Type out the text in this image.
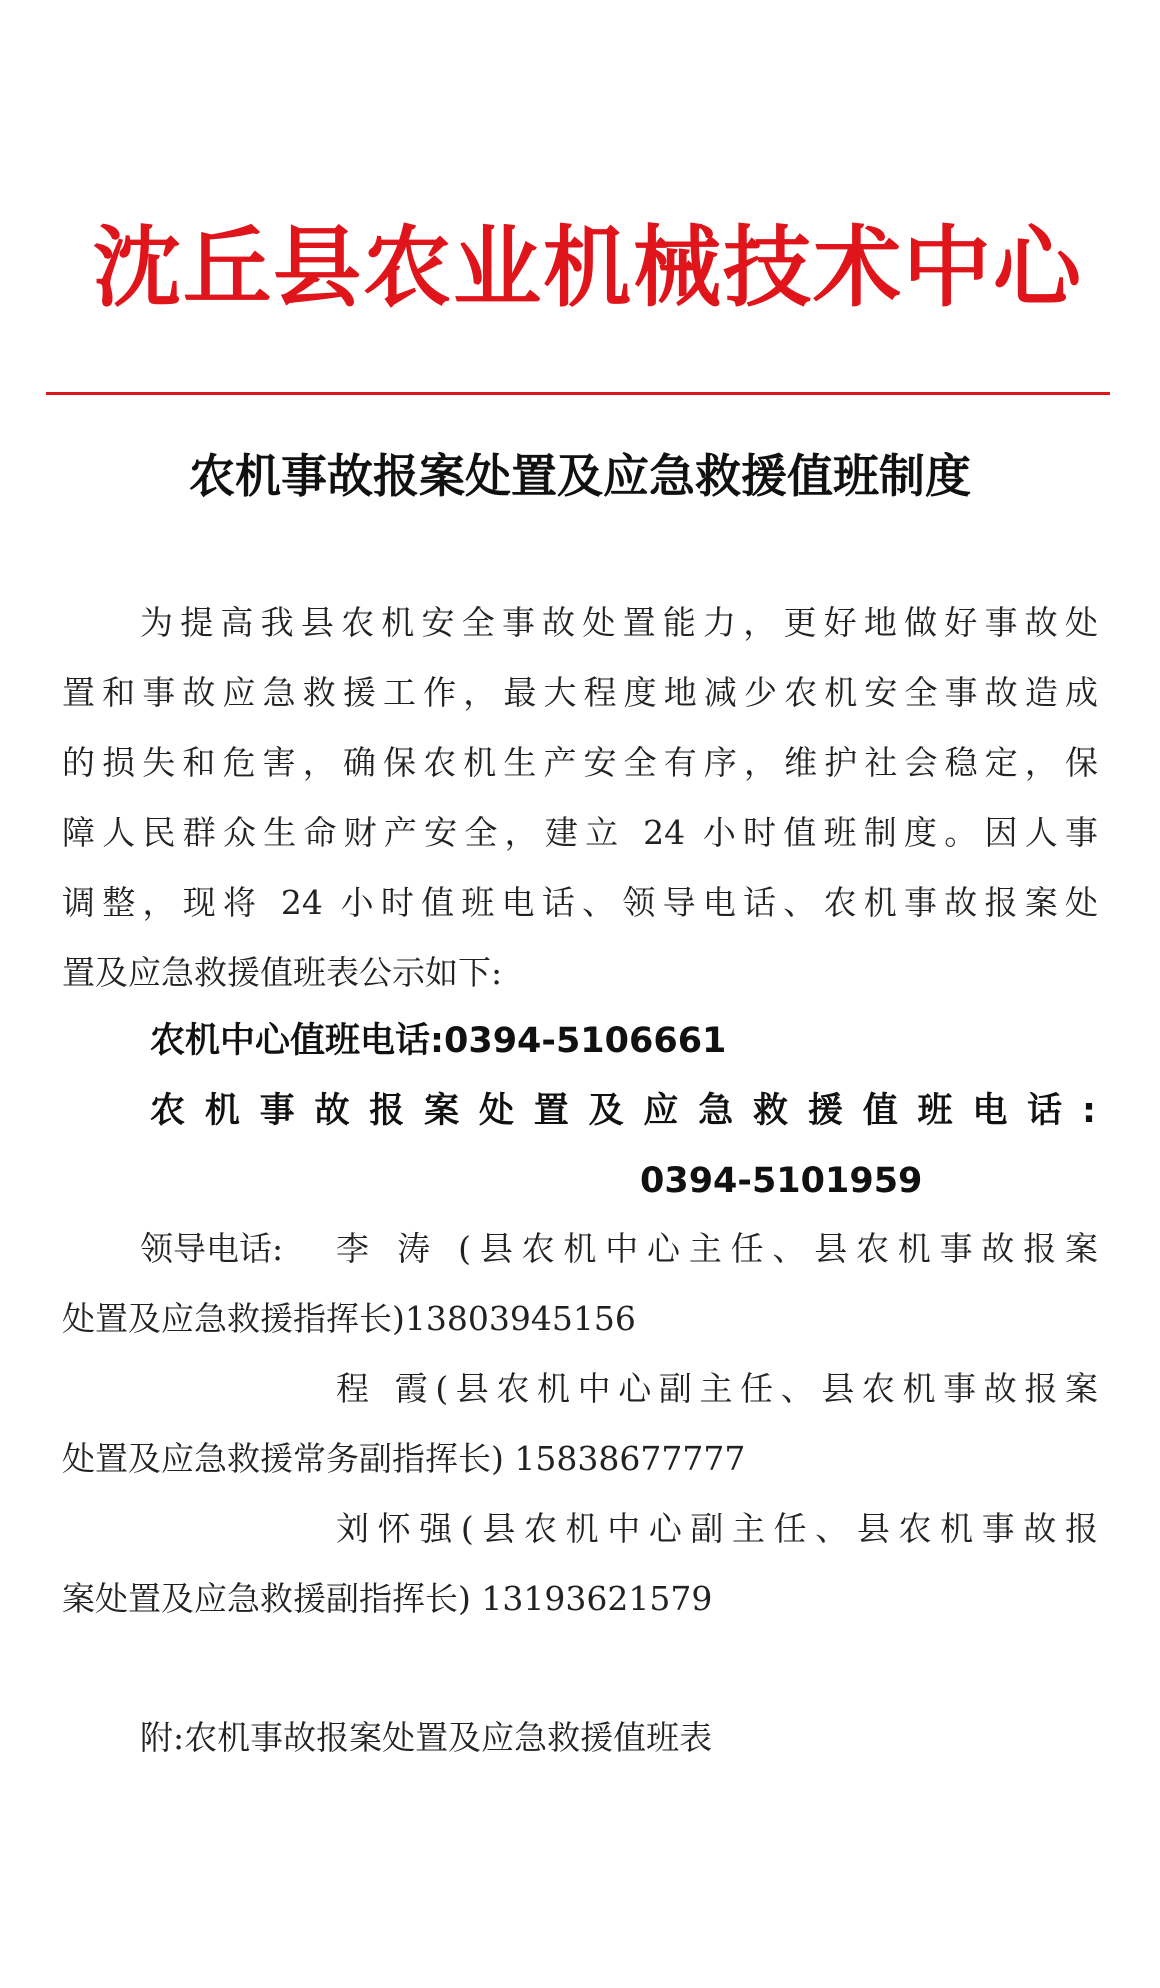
沈丘县农业机械技术中心
农机事故报案处置及应急救援值班制度
为提高我县农机安全事故处置能力，更好地做好事故处
置和事故应急救援工作，最大程度地减少农机安全事故造成
的损失和危害，确保农机生产安全有序，维护社会稳定，保
障人民群众生命财产安全，建立 24 小时值班制度。因人事
调整，现将 24 小时值班电话、领导电话、农机事故报案处
置及应急救援值班表公示如下:
农机中心值班电话:0394-5106661
农机事故报案处置及应急救援值班电话:
0394-5101959
领导电话:	李 涛 (县农机中心主任、县农机事故报案
处置及应急救援指挥长)13803945156
程 霞(县农机中心副主任、县农机事故报案
处置及应急救援常务副指挥长) 15838677777
刘怀强(县农机中心副主任、县农机事故报
案处置及应急救援副指挥长) 13193621579
附:农机事故报案处置及应急救援值班表
